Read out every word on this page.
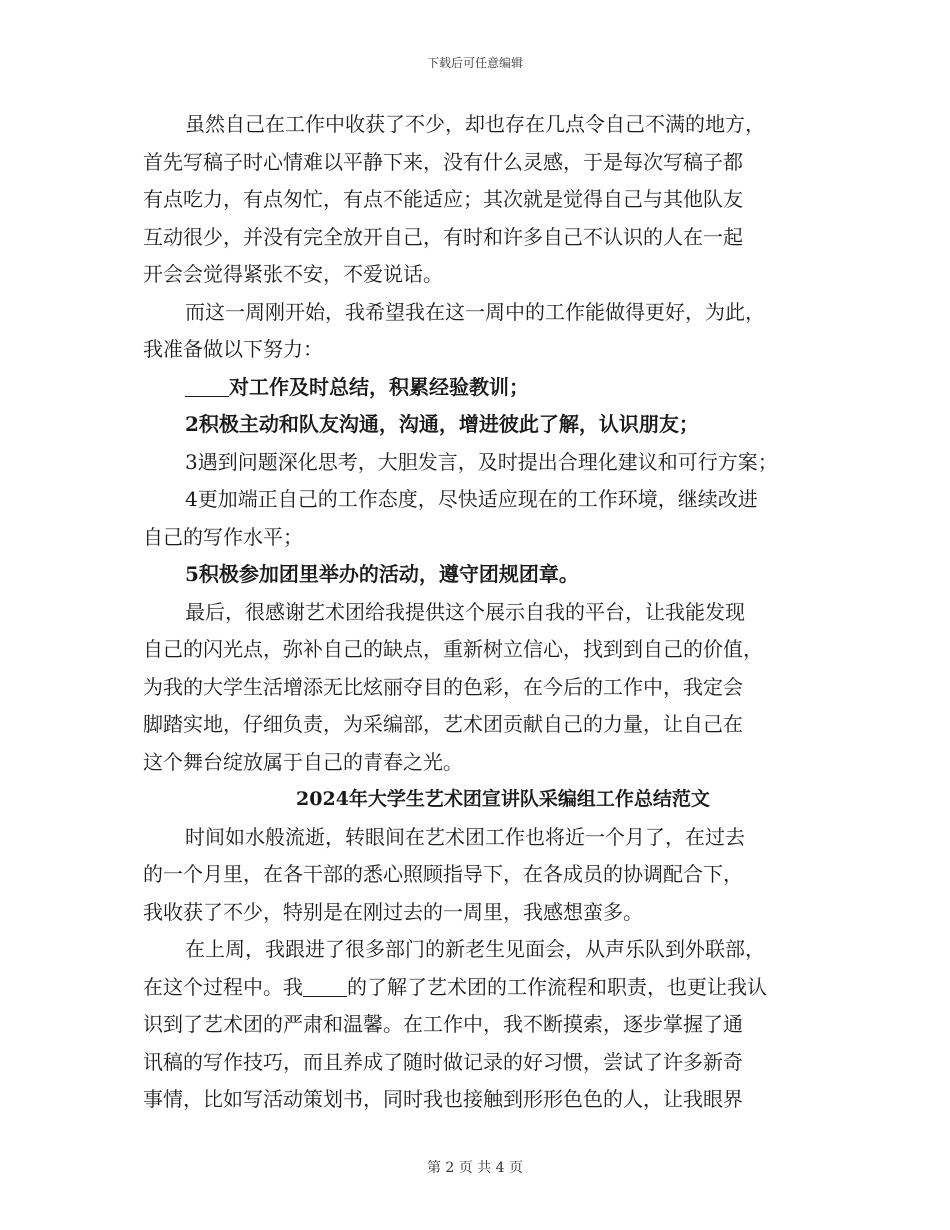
下载后可任意编辑
虽然自己在工作中收获了不少，却也存在几点令自己不满的地方，
首先写稿子时心情难以平静下来，没有什么灵感，于是每次写稿子都
有点吃力，有点匆忙，有点不能适应；其次就是觉得自己与其他队友
互动很少，并没有完全放开自己，有时和许多自己不认识的人在一起
开会会觉得紧张不安，不爱说话。
而这一周刚开始，我希望我在这一周中的工作能做得更好，为此，
我准备做以下努力：
对工作及时总结，积累经验教训；
2积极主动和队友沟通，沟通，增进彼此了解，认识朋友；
3遇到问题深化思考，大胆发言，及时提出合理化建议和可行方案；
4更加端正自己的工作态度，尽快适应现在的工作环境，继续改进
自己的写作水平；
5积极参加团里举办的活动，遵守团规团章。
最后，很感谢艺术团给我提供这个展示自我的平台，让我能发现
自己的闪光点，弥补自己的缺点，重新树立信心，找到到自己的价值，
为我的大学生活增添无比炫丽夺目的色彩，在今后的工作中，我定会
脚踏实地，仔细负责，为采编部，艺术团贡献自己的力量，让自己在
这个舞台绽放属于自己的青春之光。
2024年大学生艺术团宣讲队采编组工作总结范文
时间如水般流逝，转眼间在艺术团工作也将近一个月了，在过去
的一个月里，在各干部的悉心照顾指导下，在各成员的协调配合下，
我收获了不少，特别是在刚过去的一周里，我感想蛮多。
在上周，我跟进了很多部门的新老生见面会，从声乐队到外联部，
在这个过程中。我 的了解了艺术团的工作流程和职责，也更让我认
识到了艺术团的严肃和温馨。在工作中，我不断摸索，逐步掌握了通
讯稿的写作技巧，而且养成了随时做记录的好习惯，尝试了许多新奇
事情，比如写活动策划书，同时我也接触到形形色色的人，让我眼界
第 2 页 共 4 页
